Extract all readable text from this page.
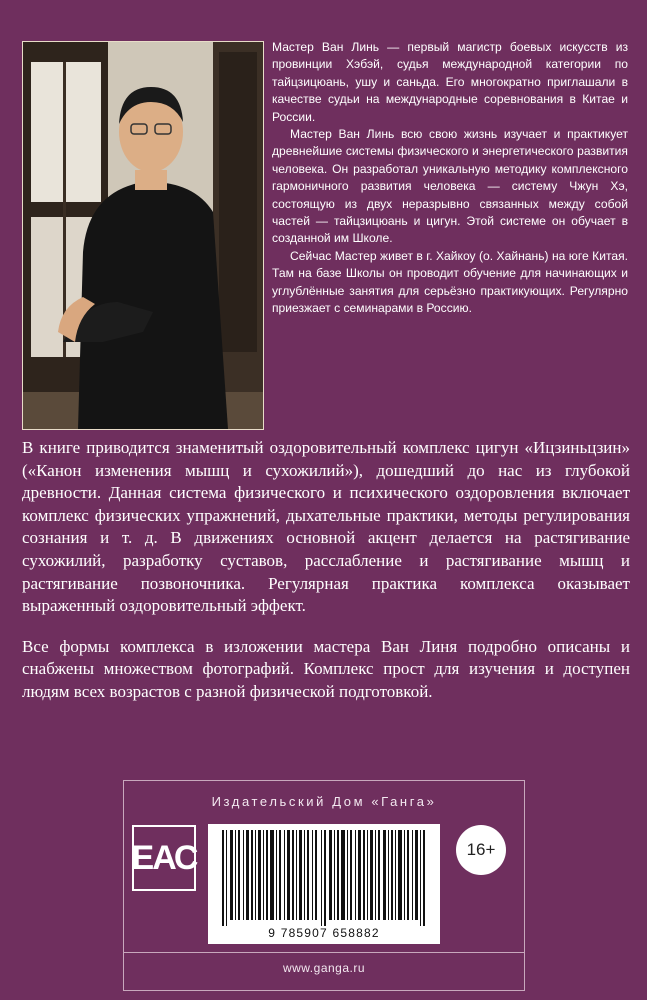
Мастер Ван Линь — первый магистр боевых искусств из провинции Хэбэй, судья международной категории по тайцзицюань, ушу и саньда. Его многократно приглашали в качестве судьи на международные соревнования в Китае и России.

Мастер Ван Линь всю свою жизнь изучает и практикует древнейшие системы физического и энергетического развития человека. Он разработал уникальную методику комплексного гармоничного развития человека — систему Чжун Хэ, состоящую из двух неразрывно связанных между собой частей — тайцзицюань и цигун. Этой системе он обучает в созданной им Школе.

Сейчас Мастер живет в г. Хайкоу (о. Хайнань) на юге Китая. Там на базе Школы он проводит обучение для начинающих и углублённые занятия для серьёзно практикующих. Регулярно приезжает с семинарами в Россию.

В книге приводится знаменитый оздоровительный комплекс цигун «Ицзиньцзин» («Канон изменения мышц и сухожилий»), дошедший до нас из глубокой древности. Данная система физического и психического оздоровления включает комплекс физических упражнений, дыхательные практики, методы регулирования сознания и т. д. В движениях основной акцент делается на растягивание сухожилий, разработку суставов, расслабление и растягивание мышц и растягивание позвоночника. Регулярная практика комплекса оказывает выраженный оздоровительный эффект.

Все формы комплекса в изложении мастера Ван Линя подробно описаны и снабжены множеством фотографий. Комплекс прост для изучения и доступен людям всех возрастов с разной физической подготовкой.

Издательский Дом «Ганга»
ЕАС
9 785907 658882
16+
www.ganga.ru
